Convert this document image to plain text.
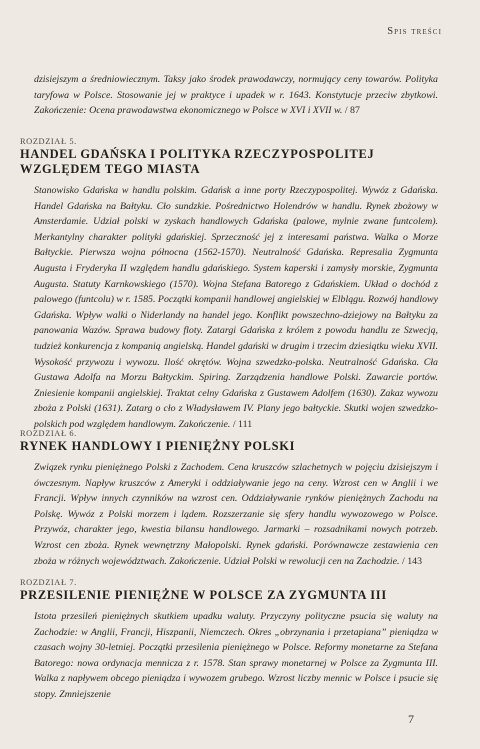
Spis treści

dzisiejszym a średniowiecznym. Taksy jako środek prawodawczy, normujący ceny towarów. Polityka taryfowa w Polsce. Stosowanie jej w praktyce i upadek w r. 1643. Konstytucje przeciw zbytkowi. Zakończenie: Ocena prawodawstwa ekonomicznego w Polsce w XVI i XVII w. / 87

ROZDZIAŁ 5.

HANDEL GDAŃSKA I POLITYKA RZECZYPOSPOLITEJ WZGLĘDEM TEGO MIASTA

Stanowisko Gdańska w handlu polskim. Gdańsk a inne porty Rzeczypospolitej. Wywóz z Gdańska. Handel Gdańska na Bałtyku. Cło sundzkie. Pośrednictwo Holendrów w handlu. Rynek zbożowy w Amsterdamie. Udział polski w zyskach handlowych Gdańska (palowe, mylnie zwane funtcolem). Merkantylny charakter polityki gdańskiej. Sprzeczność jej z interesami państwa. Walka o Morze Bałtyckie. Pierwsza wojna północna (1562-1570). Neutralność Gdańska. Represalia Zygmunta Augusta i Fryderyka II względem handlu gdańskiego. System kaperski i zamysły morskie, Zygmunta Augusta. Statuty Karnkowskiego (1570). Wojna Stefana Batorego z Gdańskiem. Układ o dochód z palowego (funtcolu) w r. 1585. Początki kompanii handlowej angielskiej w Elblągu. Rozwój handlowy Gdańska. Wpływ walki o Niderlandy na handel jego. Konflikt powszechno-dziejowy na Bałtyku za panowania Wazów. Sprawa budowy floty. Zatargi Gdańska z królem z powodu handlu ze Szwecją, tudzież konkurencja z kompanią angielską. Handel gdański w drugim i trzecim dziesiątku wieku XVII. Wysokość przywozu i wywozu. Ilość okrętów. Wojna szwedzko-polska. Neutralność Gdańska. Cła Gustawa Adolfa na Morzu Bałtyckim. Spiring. Zarządzenia handlowe Polski. Zawarcie portów. Zniesienie kompanii angielskiej. Traktat celny Gdańska z Gustawem Adolfem (1630). Zakaz wywozu zboża z Polski (1631). Zatarg o cło z Władysławem IV. Plany jego bałtyckie. Skutki wojen szwedzko-polskich pod względem handlowym. Zakończenie. / 111

ROZDZIAŁ 6.

RYNEK HANDLOWY I PIENIĘŻNY POLSKI

Związek rynku pieniężnego Polski z Zachodem. Cena kruszców szlachetnych w pojęciu dzisiejszym i ówczesnym. Napływ kruszców z Ameryki i oddziaływanie jego na ceny. Wzrost cen w Anglii i we Francji. Wpływ innych czynników na wzrost cen. Oddziaływanie rynków pieniężnych Zachodu na Polskę. Wywóz z Polski morzem i lądem. Rozszerzanie się sfery handlu wywozowego w Polsce. Przywóz, charakter jego, kwestia bilansu handlowego. Jarmarki – rozsadnikami nowych potrzeb. Wzrost cen zboża. Rynek wewnętrzny Małopolski. Rynek gdański. Porównawcze zestawienia cen zboża w różnych województwach. Zakończenie. Udział Polski w rewolucji cen na Zachodzie. / 143

ROZDZIAŁ 7.

PRZESILENIE PIENIĘŻNE W POLSCE ZA ZYGMUNTA III

Istota przesileń pieniężnych skutkiem upadku waluty. Przyczyny polityczne psucia się waluty na Zachodzie: w Anglii, Francji, Hiszpanii, Niemczech. Okres „obrzynania i przetapiana” pieniądza w czasach wojny 30-letniej. Początki przesilenia pieniężnego w Polsce. Reformy monetarne za Stefana Batorego: nowa ordynacja mennicza z r. 1578. Stan sprawy monetarnej w Polsce za Zygmunta III. Walka z napływem obcego pieniądza i wywozem grubego. Wzrost liczby mennic w Polsce i psucie się stopy. Zmniejszenie

7
